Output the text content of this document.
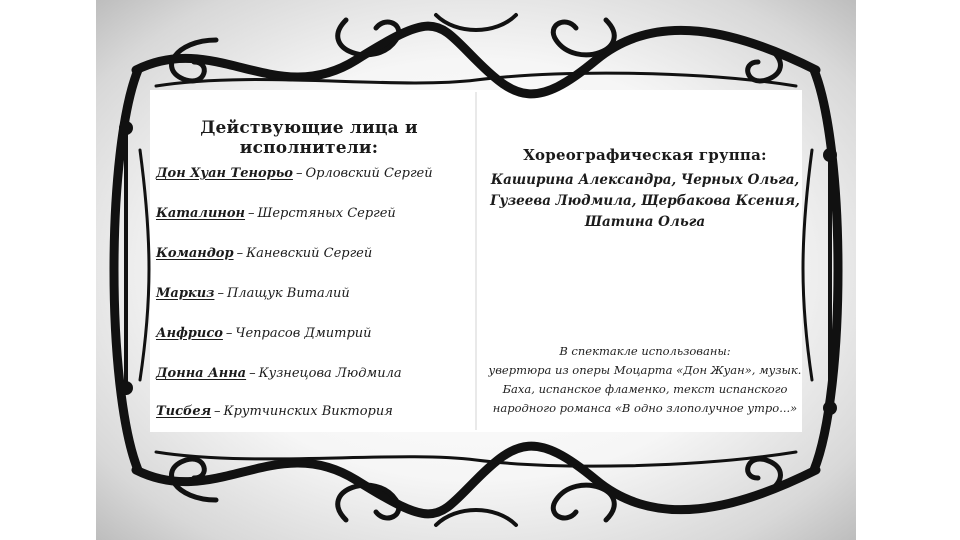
Действующие лица и исполнители:
Дон Хуан Тенорьо – Орловский Сергей
Каталинон – Шерстяных Сергей
Командор – Каневский Сергей
Маркиз – Плащук Виталий
Анфрисо – Чепрасов Дмитрий
Донна Анна – Кузнецова Людмила
Тисбея – Крутчинских Виктория
Хореографическая группа:
Каширина Александра, Черных Ольга,
Гузеева Людмила, Щербакова Ксения,
Шатина Ольга
В спектакле использованы:
увертюра из оперы Моцарта «Дон Жуан», музык.
Баха, испанское фламенко, текст испанского
народного романса «В одно злополучное утро...»
